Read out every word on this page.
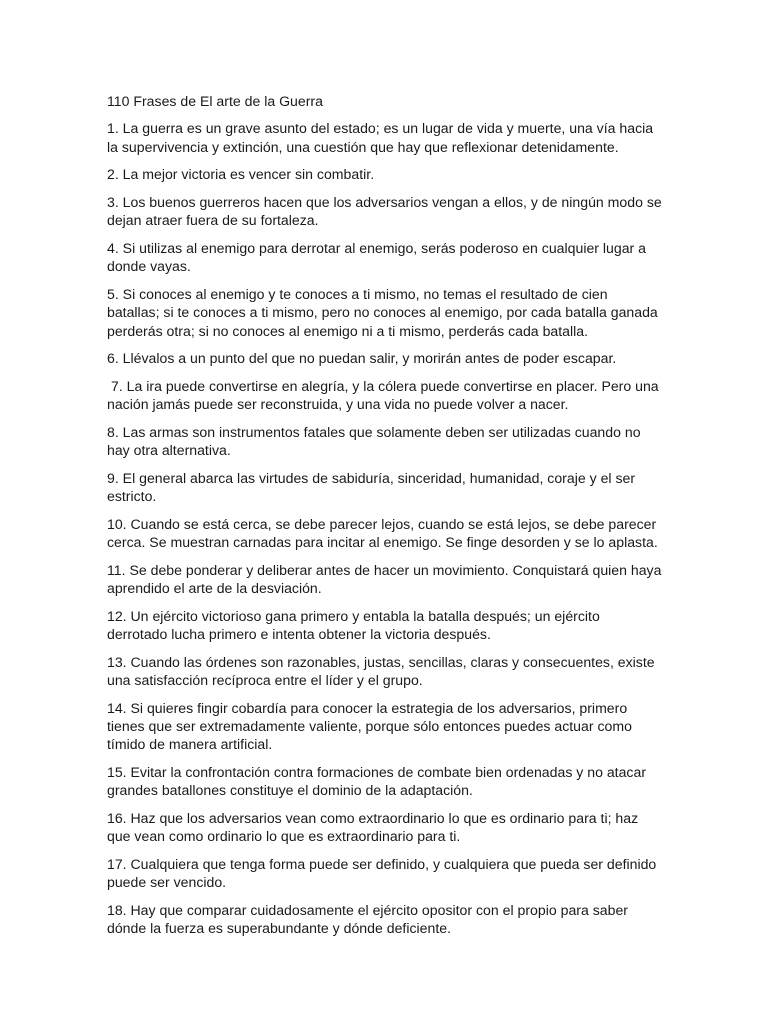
110 Frases de El arte de la Guerra

1. La guerra es un grave asunto del estado; es un lugar de vida y muerte, una vía hacia la supervivencia y extinción, una cuestión que hay que reflexionar detenidamente.

2. La mejor victoria es vencer sin combatir.

3. Los buenos guerreros hacen que los adversarios vengan a ellos, y de ningún modo se dejan atraer fuera de su fortaleza.

4. Si utilizas al enemigo para derrotar al enemigo, serás poderoso en cualquier lugar a donde vayas.

5. Si conoces al enemigo y te conoces a ti mismo, no temas el resultado de cien batallas; si te conoces a ti mismo, pero no conoces al enemigo, por cada batalla ganada perderás otra; si no conoces al enemigo ni a ti mismo, perderás cada batalla.

6. Llévalos a un punto del que no puedan salir, y morirán antes de poder escapar.

7. La ira puede convertirse en alegría, y la cólera puede convertirse en placer. Pero una nación jamás puede ser reconstruida, y una vida no puede volver a nacer.

8. Las armas son instrumentos fatales que solamente deben ser utilizadas cuando no hay otra alternativa.

9. El general abarca las virtudes de sabiduría, sinceridad, humanidad, coraje y el ser estricto.

10. Cuando se está cerca, se debe parecer lejos, cuando se está lejos, se debe parecer cerca. Se muestran carnadas para incitar al enemigo. Se finge desorden y se lo aplasta.

11. Se debe ponderar y deliberar antes de hacer un movimiento. Conquistará quien haya aprendido el arte de la desviación.

12. Un ejército victorioso gana primero y entabla la batalla después; un ejército derrotado lucha primero e intenta obtener la victoria después.

13. Cuando las órdenes son razonables, justas, sencillas, claras y consecuentes, existe una satisfacción recíproca entre el líder y el grupo.

14. Si quieres fingir cobardía para conocer la estrategia de los adversarios, primero tienes que ser extremadamente valiente, porque sólo entonces puedes actuar como tímido de manera artificial.

15. Evitar la confrontación contra formaciones de combate bien ordenadas y no atacar grandes batallones constituye el dominio de la adaptación.

16. Haz que los adversarios vean como extraordinario lo que es ordinario para ti; haz que vean como ordinario lo que es extraordinario para ti.

17. Cualquiera que tenga forma puede ser definido, y cualquiera que pueda ser definido puede ser vencido.

18. Hay que comparar cuidadosamente el ejército opositor con el propio para saber dónde la fuerza es superabundante y dónde deficiente.
